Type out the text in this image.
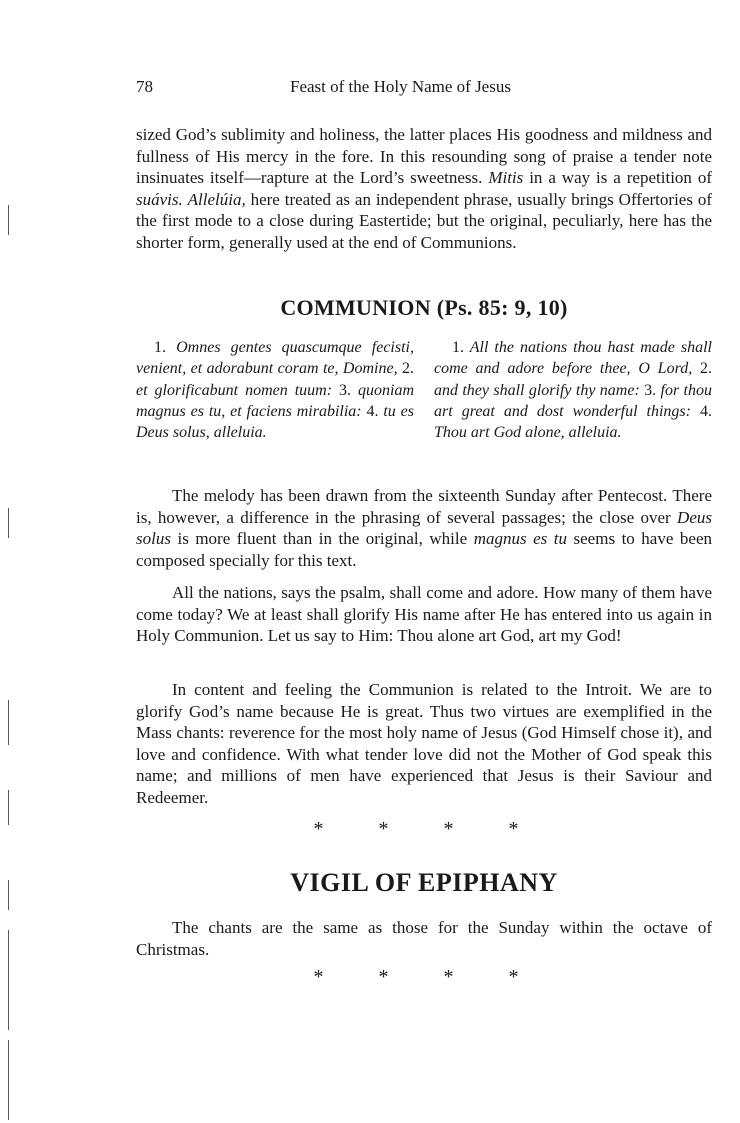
78	Feast of the Holy Name of Jesus

sized God’s sublimity and holiness, the latter places His goodness and mildness and fullness of His mercy in the fore. In this resounding song of praise a tender note insinuates itself—rapture at the Lord’s sweetness. Mitis in a way is a repetition of suávis. Allelúia, here treated as an independent phrase, usually brings Offertories of the first mode to a close during Eastertide; but the original, peculiarly, here has the shorter form, generally used at the end of Communions.

COMMUNION (Ps. 85: 9, 10)

1. Omnes gentes quascumque fecisti, venient, et adorabunt coram te, Domine, 2. et glorificabunt nomen tuum: 3. quoniam magnus es tu, et faciens mirabilia: 4. tu es Deus solus, alleluia.

1. All the nations thou hast made shall come and adore before thee, O Lord, 2. and they shall glorify thy name: 3. for thou art great and dost wonderful things: 4. Thou art God alone, alleluia.

The melody has been drawn from the sixteenth Sunday after Pentecost. There is, however, a difference in the phrasing of several passages; the close over Deus solus is more fluent than in the original, while magnus es tu seems to have been composed specially for this text.

All the nations, says the psalm, shall come and adore. How many of them have come today? We at least shall glorify His name after He has entered into us again in Holy Communion. Let us say to Him: Thou alone art God, art my God!

In content and feeling the Communion is related to the Introit. We are to glorify God’s name because He is great. Thus two virtues are exemplified in the Mass chants: reverence for the most holy name of Jesus (God Himself chose it), and love and confidence. With what tender love did not the Mother of God speak this name; and millions of men have experienced that Jesus is their Saviour and Redeemer.

*	*	*	*
VIGIL OF EPIPHANY

The chants are the same as those for the Sunday within the octave of Christmas.

*	*	*	*
